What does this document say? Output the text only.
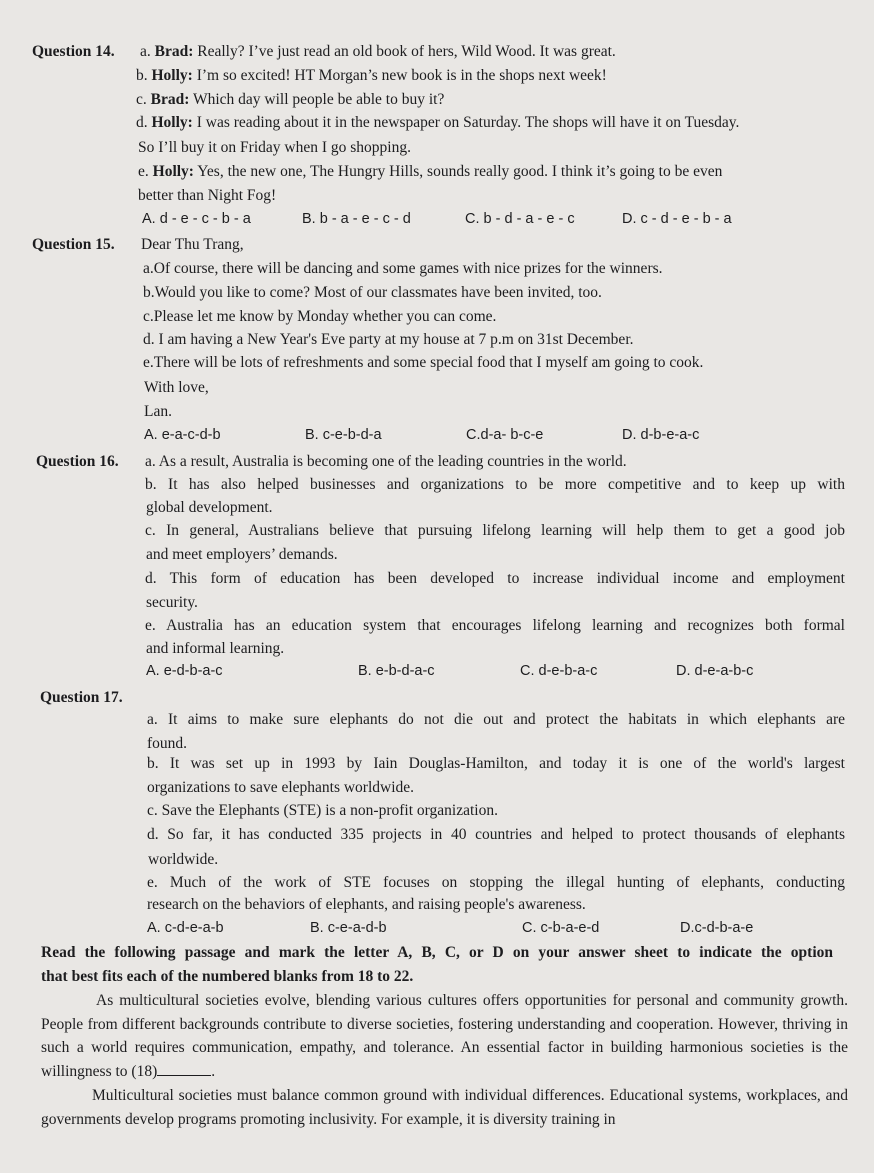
Question 14. a. Brad: Really? I’ve just read an old book of hers, Wild Wood. It was great.
b. Holly: I’m so excited! HT Morgan’s new book is in the shops next week!
c. Brad: Which day will people be able to buy it?
d. Holly: I was reading about it in the newspaper on Saturday. The shops will have it on Tuesday.
So I’ll buy it on Friday when I go shopping.
e. Holly: Yes, the new one, The Hungry Hills, sounds really good. I think it’s going to be even
better than Night Fog!
A. d - e - c - b - a	B. b - a - e - c - d	C. b - d - a - e - c	D. c - d - e - b - a
Question 15. Dear Thu Trang,
a.Of course, there will be dancing and some games with nice prizes for the winners.
b.Would you like to come? Most of our classmates have been invited, too.
c.Please let me know by Monday whether you can come.
d. I am having a New Year's Eve party at my house at 7 p.m on 31st December.
e.There will be lots of refreshments and some special food that I myself am going to cook.
With love,
Lan.
A. e-a-c-d-b	B. c-e-b-d-a	C.d-a- b-c-e	D. d-b-e-a-c
Question 16. a. As a result, Australia is becoming one of the leading countries in the world.
b. It has also helped businesses and organizations to be more competitive and to keep up with
global development.
c. In general, Australians believe that pursuing lifelong learning will help them to get a good job
and meet employers’ demands.
d. This form of education has been developed to increase individual income and employment
security.
e. Australia has an education system that encourages lifelong learning and recognizes both formal
and informal learning.
A. e-d-b-a-c	B. e-b-d-a-c	C. d-e-b-a-c	D. d-e-a-b-c
Question 17.
a. It aims to make sure elephants do not die out and protect the habitats in which elephants are
found.
b. It was set up in 1993 by Iain Douglas-Hamilton, and today it is one of the world's largest
organizations to save elephants worldwide.
c. Save the Elephants (STE) is a non-profit organization.
d. So far, it has conducted 335 projects in 40 countries and helped to protect thousands of elephants
worldwide.
e. Much of the work of STE focuses on stopping the illegal hunting of elephants, conducting
research on the behaviors of elephants, and raising people's awareness.
A. c-d-e-a-b	B. c-e-a-d-b	C. c-b-a-e-d	D.c-d-b-a-e
Read the following passage and mark the letter A, B, C, or D on your answer sheet to indicate the option
that best fits each of the numbered blanks from 18 to 22.
As multicultural societies evolve, blending various cultures offers opportunities for personal and community growth. People from different backgrounds contribute to diverse societies, fostering understanding and cooperation. However, thriving in such a world requires communication, empathy, and tolerance. An essential factor in building harmonious societies is the willingness to (18)	.
Multicultural societies must balance common ground with individual differences. Educational systems, workplaces, and governments develop programs promoting inclusivity. For example, it is diversity training in
